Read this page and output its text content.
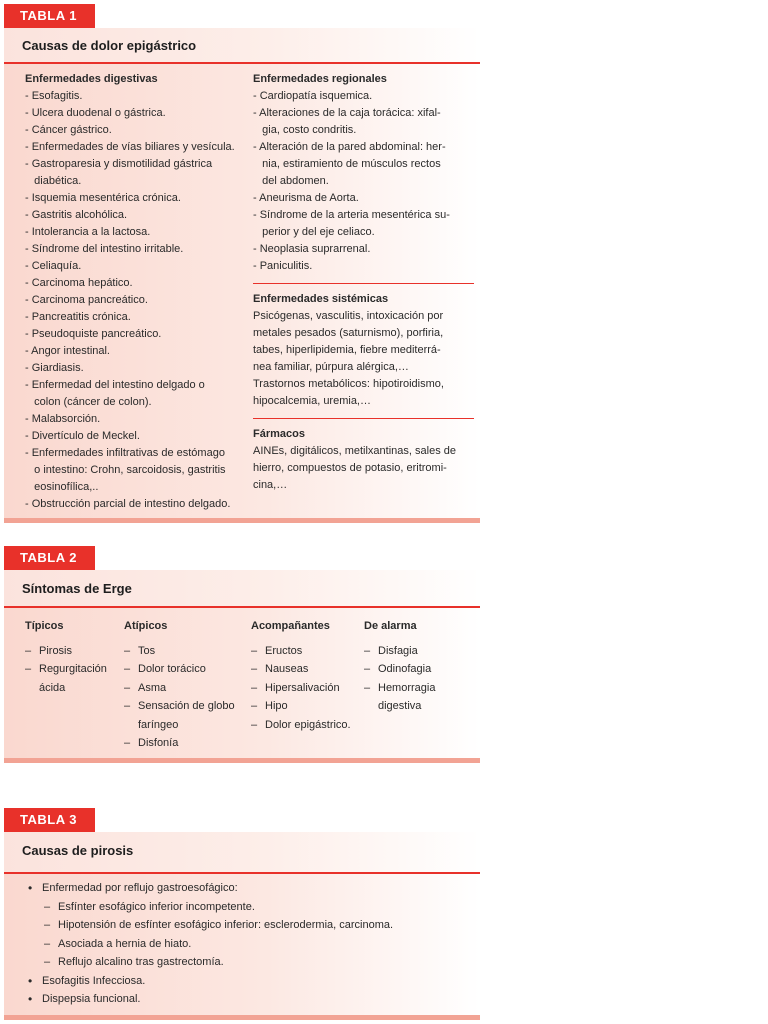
TABLA 1
Causas de dolor epigástrico
Enfermedades digestivas
- Esofagitis.
- Ulcera duodenal o gástrica.
- Cáncer gástrico.
- Enfermedades de vías biliares y vesícula.
- Gastroparesia y dismotilidad gástrica
diabética.
- Isquemia mesentérica crónica.
- Gastritis alcohólica.
- Intolerancia a la lactosa.
- Síndrome del intestino irritable.
- Celiaquía.
- Carcinoma hepático.
- Carcinoma pancreático.
- Pancreatitis crónica.
- Pseudoquiste pancreático.
- Angor intestinal.
- Giardiasis.
- Enfermedad del intestino delgado o
colon (cáncer de colon).
- Malabsorción.
- Divertículo de Meckel.
- Enfermedades infiltrativas de estómago
o intestino: Crohn, sarcoidosis, gastritis
eosinofílica,..
- Obstrucción parcial de intestino delgado.
Enfermedades regionales
- Cardiopatía isquemica.
- Alteraciones de la caja torácica: xifal-
gia, costo condritis.
- Alteración de la pared abdominal: her-
nia, estiramiento de músculos rectos
del abdomen.
- Aneurisma de Aorta.
- Síndrome de la arteria mesentérica su-
perior y del eje celiaco.
- Neoplasia suprarrenal.
- Paniculitis.
Enfermedades sistémicas
Psicógenas, vasculitis, intoxicación por
metales pesados (saturnismo), porfiria,
tabes, hiperlipidemia, fiebre mediterrá-
nea familiar, púrpura alérgica,…
Trastornos metabólicos: hipotiroidismo,
hipocalcemia, uremia,…
Fármacos
AINEs, digitálicos, metilxantinas, sales de
hierro, compuestos de potasio, eritromi-
cina,…
TABLA 2
Síntomas de Erge
Típicos
– Pirosis
– Regurgitación
ácida
Atípicos
– Tos
– Dolor torácico
– Asma
– Sensación de globo
faríngeo
– Disfonía
Acompañantes
– Eructos
– Nauseas
– Hipersalivación
– Hipo
– Dolor epigástrico.
De alarma
– Disfagia
– Odinofagia
– Hemorragia
digestiva
TABLA 3
Causas de pirosis
• Enfermedad por reflujo gastroesofágico:
– Esfínter esofágico inferior incompetente.
– Hipotensión de esfínter esofágico inferior: esclerodermia, carcinoma.
– Asociada a hernia de hiato.
– Reflujo alcalino tras gastrectomía.
• Esofagitis Infecciosa.
• Dispepsia funcional.
